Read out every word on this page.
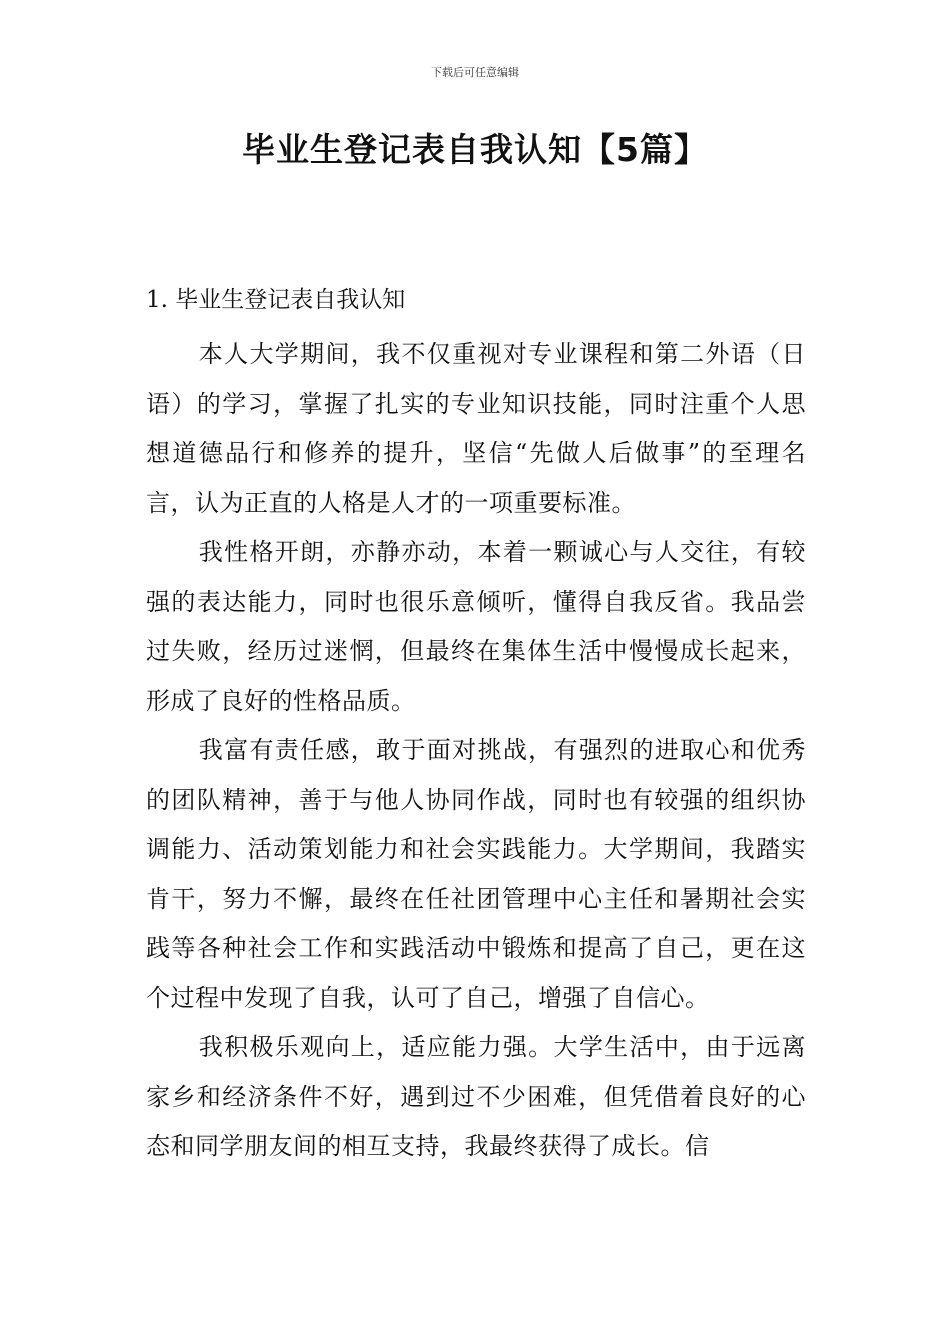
下载后可任意编辑
毕业生登记表自我认知【5篇】
1. 毕业生登记表自我认知

本人大学期间，我不仅重视对专业课程和第二外语（日语）的学习，掌握了扎实的专业知识技能，同时注重个人思想道德品行和修养的提升，坚信“先做人后做事”的至理名言，认为正直的人格是人才的一项重要标准。

我性格开朗，亦静亦动，本着一颗诚心与人交往，有较强的表达能力，同时也很乐意倾听，懂得自我反省。我品尝过失败，经历过迷惘，但最终在集体生活中慢慢成长起来，形成了良好的性格品质。

我富有责任感，敢于面对挑战，有强烈的进取心和优秀的团队精神，善于与他人协同作战，同时也有较强的组织协调能力、活动策划能力和社会实践能力。大学期间，我踏实肯干，努力不懈，最终在任社团管理中心主任和暑期社会实践等各种社会工作和实践活动中锻炼和提高了自己，更在这个过程中发现了自我，认可了自己，增强了自信心。

我积极乐观向上，适应能力强。大学生活中，由于远离家乡和经济条件不好，遇到过不少困难，但凭借着良好的心态和同学朋友间的相互支持，我最终获得了成长。信
